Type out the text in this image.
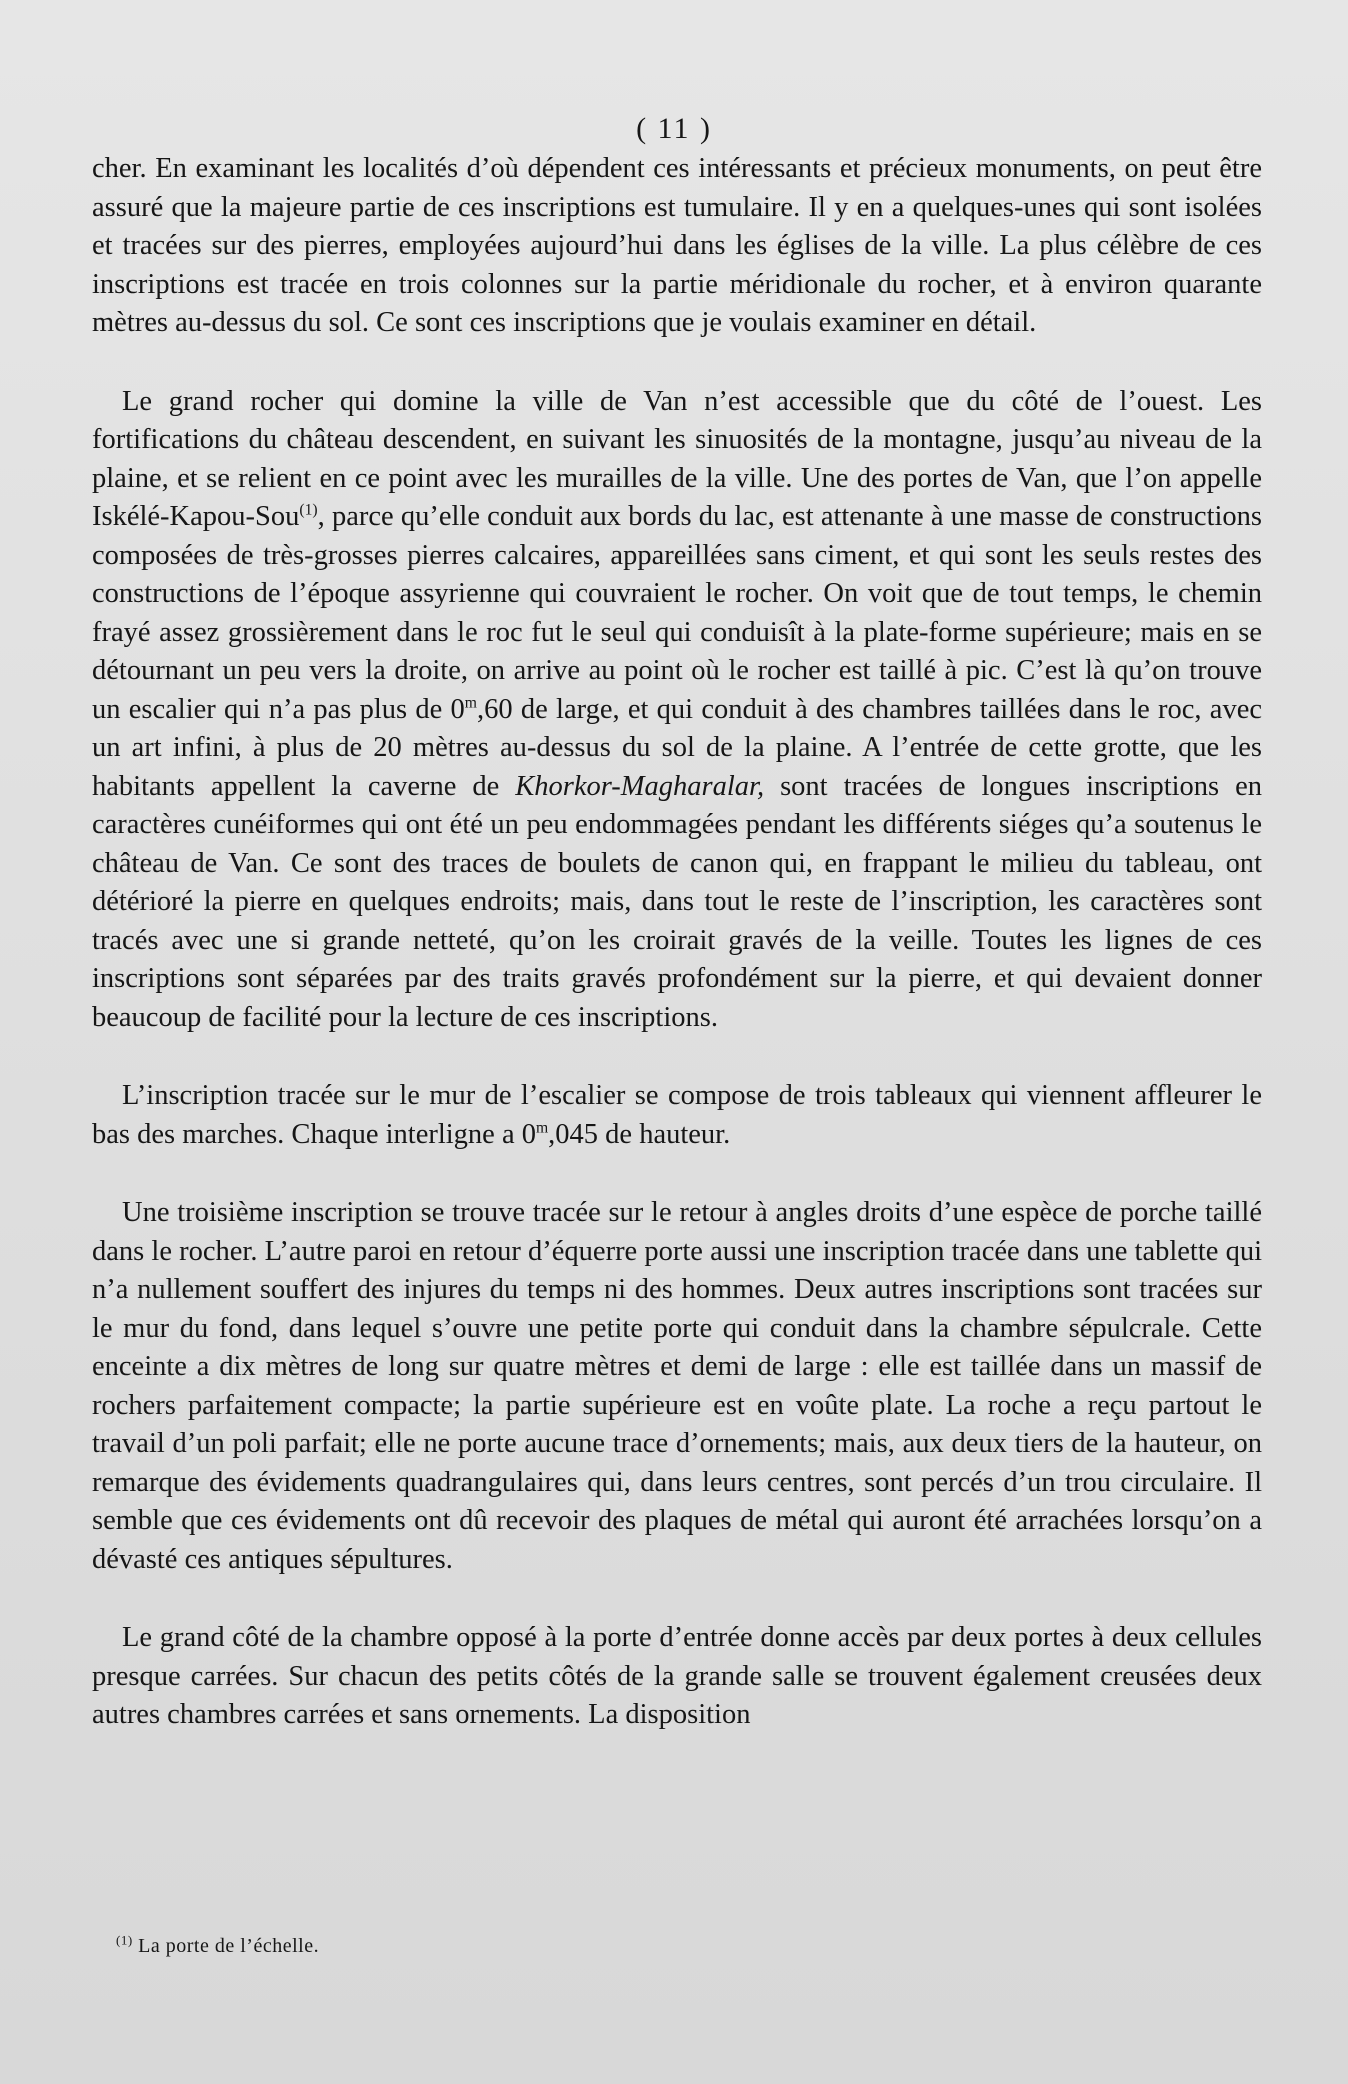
( 11 )

cher. En examinant les localités d’où dépendent ces intéressants et précieux monuments, on peut être assuré que la majeure partie de ces inscriptions est tumulaire. Il y en a quelques-unes qui sont isolées et tracées sur des pierres, employées aujourd’hui dans les églises de la ville. La plus célèbre de ces inscriptions est tracée en trois colonnes sur la partie méridionale du rocher, et à environ quarante mètres au-dessus du sol. Ce sont ces inscriptions que je voulais examiner en détail.

Le grand rocher qui domine la ville de Van n’est accessible que du côté de l’ouest. Les fortifications du château descendent, en suivant les sinuosités de la montagne, jusqu’au niveau de la plaine, et se relient en ce point avec les murailles de la ville. Une des portes de Van, que l’on appelle Iskélé-Kapou-Sou$^{(1)}$, parce qu’elle conduit aux bords du lac, est attenante à une masse de constructions composées de très-grosses pierres calcaires, appareillées sans ciment, et qui sont les seuls restes des constructions de l’époque assyrienne qui couvraient le rocher. On voit que de tout temps, le chemin frayé assez grossièrement dans le roc fut le seul qui conduisît à la plate-forme supérieure; mais en se détournant un peu vers la droite, on arrive au point où le rocher est taillé à pic. C’est là qu’on trouve un escalier qui n’a pas plus de 0$^m$,60 de large, et qui conduit à des chambres taillées dans le roc, avec un art infini, à plus de 20 mètres au-dessus du sol de la plaine. A l’entrée de cette grotte, que les habitants appellent la caverne de Khorkor-Magharalar, sont tracées de longues inscriptions en caractères cunéiformes qui ont été un peu endommagées pendant les différents siéges qu’a soutenus le château de Van. Ce sont des traces de boulets de canon qui, en frappant le milieu du tableau, ont détérioré la pierre en quelques endroits; mais, dans tout le reste de l’inscription, les caractères sont tracés avec une si grande netteté, qu’on les croirait gravés de la veille. Toutes les lignes de ces inscriptions sont séparées par des traits gravés profondément sur la pierre, et qui devaient donner beaucoup de facilité pour la lecture de ces inscriptions.

L’inscription tracée sur le mur de l’escalier se compose de trois tableaux qui viennent affleurer le bas des marches. Chaque interligne a 0$^m$,045 de hauteur.

Une troisième inscription se trouve tracée sur le retour à angles droits d’une espèce de porche taillé dans le rocher. L’autre paroi en retour d’équerre porte aussi une inscription tracée dans une tablette qui n’a nullement souffert des injures du temps ni des hommes. Deux autres inscriptions sont tracées sur le mur du fond, dans lequel s’ouvre une petite porte qui conduit dans la chambre sépulcrale. Cette enceinte a dix mètres de long sur quatre mètres et demi de large : elle est taillée dans un massif de rochers parfaitement compacte; la partie supérieure est en voûte plate. La roche a reçu partout le travail d’un poli parfait; elle ne porte aucune trace d’ornements; mais, aux deux tiers de la hauteur, on remarque des évidements quadrangulaires qui, dans leurs centres, sont percés d’un trou circulaire. Il semble que ces évidements ont dû recevoir des plaques de métal qui auront été arrachées lorsqu’on a dévasté ces antiques sépultures.

Le grand côté de la chambre opposé à la porte d’entrée donne accès par deux portes à deux cellules presque carrées. Sur chacun des petits côtés de la grande salle se trouvent également creusées deux autres chambres carrées et sans ornements. La disposition

$^{(1)}$ La porte de l’échelle.
